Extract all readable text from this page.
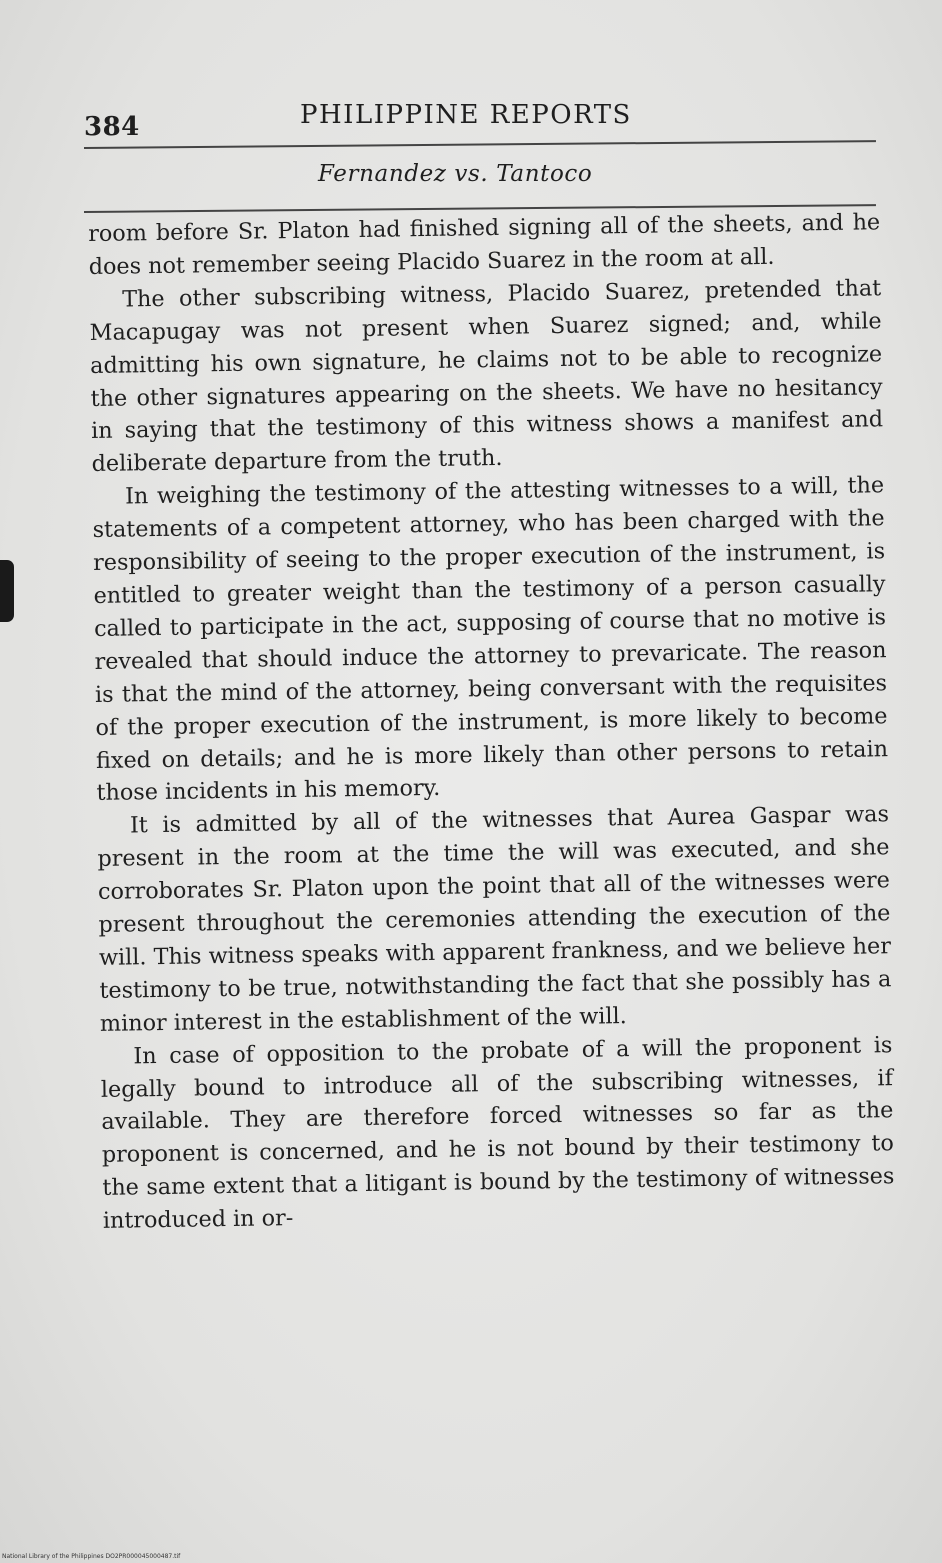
384	PHILIPPINE REPORTS
Fernandez vs. Tantoco

room before Sr. Platon had finished signing all of the sheets, and he does not remember seeing Placido Suarez in the room at all.

The other subscribing witness, Placido Suarez, pretended that Macapugay was not present when Suarez signed; and, while admitting his own signature, he claims not to be able to recognize the other signatures appearing on the sheets. We have no hesitancy in saying that the testimony of this witness shows a manifest and deliberate departure from the truth.

In weighing the testimony of the attesting witnesses to a will, the statements of a competent attorney, who has been charged with the responsibility of seeing to the proper execution of the instrument, is entitled to greater weight than the testimony of a person casually called to participate in the act, supposing of course that no motive is revealed that should induce the attorney to prevaricate. The reason is that the mind of the attorney, being conversant with the requisites of the proper execution of the instrument, is more likely to become fixed on details; and he is more likely than other persons to retain those incidents in his memory.

It is admitted by all of the witnesses that Aurea Gaspar was present in the room at the time the will was executed, and she corroborates Sr. Platon upon the point that all of the witnesses were present throughout the ceremonies attending the execution of the will. This witness speaks with apparent frankness, and we believe her testimony to be true, notwithstanding the fact that she possibly has a minor interest in the establishment of the will.

In case of opposition to the probate of a will the proponent is legally bound to introduce all of the subscribing witnesses, if available. They are therefore forced witnesses so far as the proponent is concerned, and he is not bound by their testimony to the same extent that a litigant is bound by the testimony of witnesses introduced in or-

National Library of the Philippines DO2PR000045000487.tif
